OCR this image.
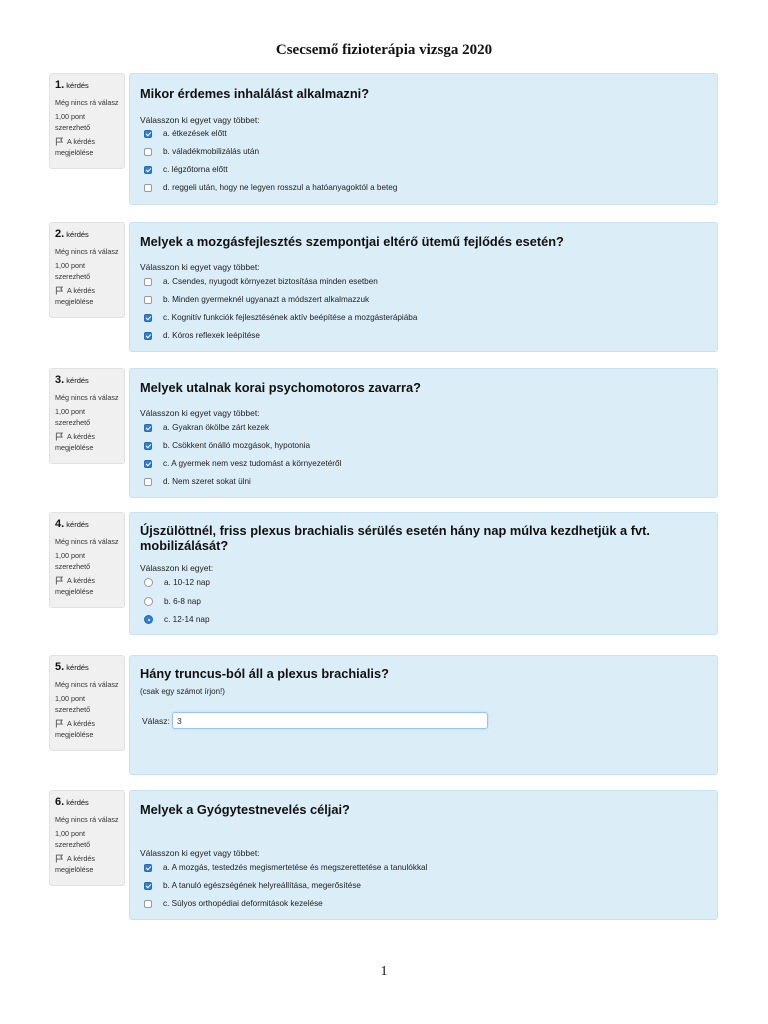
Csecsemő fizioterápia vizsga 2020
1. kérdés
Még nincs rá válasz
1,00 pont
szerezhető
A kérdés
megjelölése
Mikor érdemes inhalálást alkalmazni?
Válasszon ki egyet vagy többet:
a. étkezések előtt
b. váladékmobilizálás után
c. légzőtorna előtt
d. reggeli után, hogy ne legyen rosszul a hatóanyagoktól a beteg
2. kérdés
Még nincs rá válasz
1,00 pont
szerezhető
A kérdés
megjelölése
Melyek a mozgásfejlesztés szempontjai eltérő ütemű fejlődés esetén?
Válasszon ki egyet vagy többet:
a. Csendes, nyugodt környezet biztosítása minden esetben
b. Minden gyermeknél ugyanazt a módszert alkalmazzuk
c. Kognitív funkciók fejlesztésének aktív beépítése a mozgásterápiába
d. Kóros reflexek leépítése
3. kérdés
Még nincs rá válasz
1,00 pont
szerezhető
A kérdés
megjelölése
Melyek utalnak korai psychomotoros zavarra?
Válasszon ki egyet vagy többet:
a. Gyakran ökölbe zárt kezek
b. Csökkent önálló mozgások, hypotonia
c. A gyermek nem vesz tudomást a környezetéről
d. Nem szeret sokat ülni
4. kérdés
Még nincs rá válasz
1,00 pont
szerezhető
A kérdés
megjelölése
Újszülöttnél, friss plexus brachialis sérülés esetén hány nap múlva kezdhetjük a fvt. mobilizálását?
Válasszon ki egyet:
a. 10-12 nap
b. 6-8 nap
c. 12-14 nap
5. kérdés
Még nincs rá válasz
1,00 pont
szerezhető
A kérdés
megjelölése
Hány truncus-ból áll a plexus brachialis?
(csak egy számot írjon!)
Válasz: 3
6. kérdés
Még nincs rá válasz
1,00 pont
szerezhető
A kérdés
megjelölése
Melyek a Gyógytestnevelés céljai?
Válasszon ki egyet vagy többet:
a. A mozgás, testedzés megismertetése és megszerettetése a tanulókkal
b. A tanuló egészségének helyreállítása, megerősítése
c. Súlyos orthopédiai deformitások kezelése
1
